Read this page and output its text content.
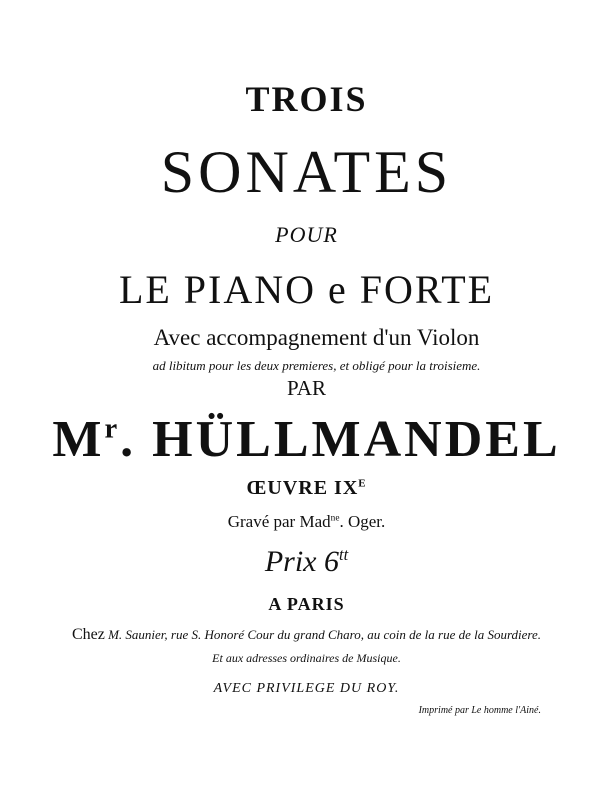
TROIS
SONATES
POUR
LE PIANO e FORTE
Avec accompagnement d'un Violon
ad libitum pour les deux premieres, et obligé pour la troisieme.
PAR
$M^r$. HÜLLMANDEL
ŒUVRE $IX^E$
Gravé par Mad$^{ne}$. Oger.
Prix $6^{tt}$
A PARIS
Chez M. Saunier, rue S. Honoré Cour du grand Charo, au coin de la rue de la Sourdiere.
Et aux adresses ordinaires de Musique.
AVEC PRIVILEGE DU ROY.
Imprimé par Le homme l'Ainé.
